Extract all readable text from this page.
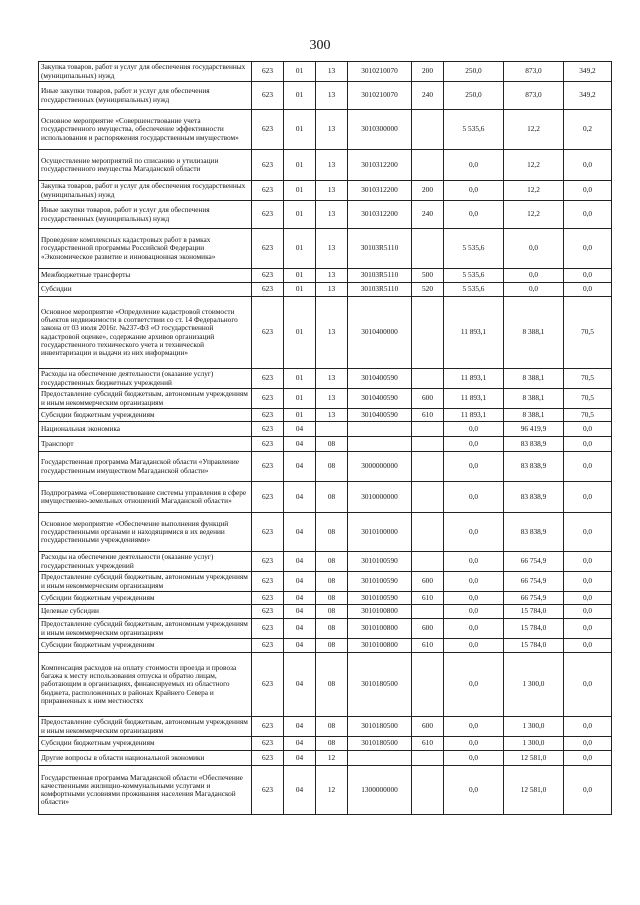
300
Закупка товаров, работ и услуг для обеспечения государственных (муниципальных) нужд	623	01	13	3010210070	200	250,0	873,0	349,2
Иные закупки товаров, работ и услуг для обеспечения государственных (муниципальных) нужд	623	01	13	3010210070	240	250,0	873,0	349,2
Основное мероприятие «Совершенствование учета государственного имущества, обеспечение эффективности использования и распоряжения государственным имуществом»	623	01	13	3010300000		5 535,6	12,2	0,2
Осуществление мероприятий по списанию и утилизации государственного имущества Магаданской области	623	01	13	3010312200		0,0	12,2	0,0
Закупка товаров, работ и услуг для обеспечения государственных (муниципальных) нужд	623	01	13	3010312200	200	0,0	12,2	0,0
Иные закупки товаров, работ и услуг для обеспечения государственных (муниципальных) нужд	623	01	13	3010312200	240	0,0	12,2	0,0
Проведение комплексных кадастровых работ в рамках государственной программы Российской Федерации «Экономическое развитие и инновационная экономика»	623	01	13	30103R5110		5 535,6	0,0	0,0
Межбюджетные трансферты	623	01	13	30103R5110	500	5 535,6	0,0	0,0
Субсидии	623	01	13	30103R5110	520	5 535,6	0,0	0,0
Основное мероприятие «Определение кадастровой стоимости объектов недвижимости в соответствии со ст. 14 Федерального закона от 03 июля 2016г. №237-ФЗ «О государственной кадастровой оценке», содержание архивов организаций государственного технического учета и технической инвентаризации и выдачи из них информации»	623	01	13	3010400000		11 893,1	8 388,1	70,5
Расходы на обеспечение деятельности (оказание услуг) государственных бюджетных учреждений	623	01	13	3010400590		11 893,1	8 388,1	70,5
Предоставление субсидий бюджетным, автономным учреждениям и иным некоммерческим организациям	623	01	13	3010400590	600	11 893,1	8 388,1	70,5
Субсидии бюджетным учреждениям	623	01	13	3010400590	610	11 893,1	8 388,1	70,5
Национальная экономика	623	04				0,0	96 419,9	0,0
Транспорт	623	04	08			0,0	83 838,9	0,0
Государственная программа Магаданской области «Управление государственным имуществом Магаданской области»	623	04	08	3000000000		0,0	83 838,9	0,0
Подпрограмма «Совершенствование системы управления в сфере имущественно-земельных отношений Магаданской области»	623	04	08	3010000000		0,0	83 838,9	0,0
Основное мероприятие «Обеспечение выполнения функций государственными органами и находящимися в их ведении государственными учреждениями»	623	04	08	3010100000		0,0	83 838,9	0,0
Расходы на обеспечение деятельности (оказание услуг) государственных учреждений	623	04	08	3010100590		0,0	66 754,9	0,0
Предоставление субсидий бюджетным, автономным учреждениям и иным некоммерческим организациям	623	04	08	3010100590	600	0,0	66 754,9	0,0
Субсидии бюджетным учреждениям	623	04	08	3010100590	610	0,0	66 754,9	0,0
Целевые субсидии	623	04	08	3010100800		0,0	15 784,0	0,0
Предоставление субсидий бюджетным, автономным учреждениям и иным некоммерческим организациям	623	04	08	3010100800	600	0,0	15 784,0	0,0
Субсидии бюджетным учреждениям	623	04	08	3010100800	610	0,0	15 784,0	0,0
Компенсация расходов на оплату стоимости проезда и провоза багажа к месту использования отпуска и обратно лицам, работающим в организациях, финансируемых из областного бюджета, расположенных в районах Крайнего Севера и приравненных к ним местностях	623	04	08	3010180500		0,0	1 300,0	0,0
Предоставление субсидий бюджетным, автономным учреждениям и иным некоммерческим организациям	623	04	08	3010180500	600	0,0	1 300,0	0,0
Субсидии бюджетным учреждениям	623	04	08	3010180500	610	0,0	1 300,0	0,0
Другие вопросы в области национальной экономики	623	04	12			0,0	12 581,0	0,0
Государственная программа Магаданской области «Обеспечение качественными жилищно-коммунальными услугами и комфортными условиями проживания населения Магаданской области»	623	04	12	1300000000		0,0	12 581,0	0,0
